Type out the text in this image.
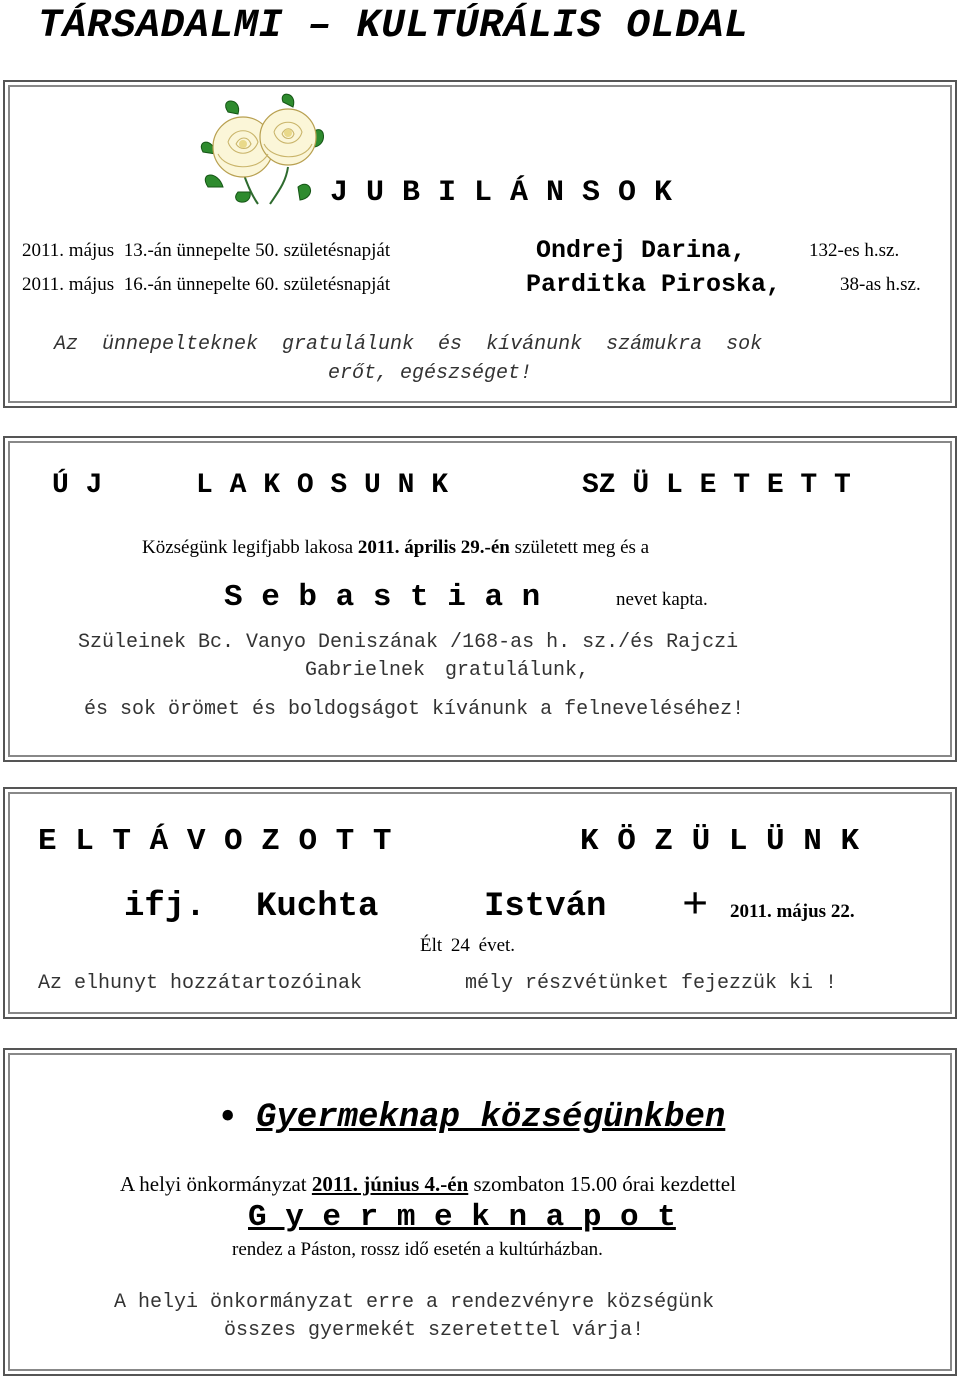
TÁRSADALMI – KULTÚRÁLIS OLDAL
J U B I L Á N S O K
2011. május 13.-án ünnepelte 50. születésnapját	Ondrej Darina,	132-es h.sz.
2011. május 16.-án ünnepelte 60. születésnapját	Parditka Piroska,	38-as h.sz.
Az ünnepelteknek gratulálunk és kívánunk számukra sok
erőt, egészséget!
Ú J	L A K O S U N K	SZ Ü L E T E T T
Községünk legifjabb lakosa 2011. április 29.-én született meg és a
S e b a s t i a n	nevet kapta.
Szüleinek Bc. Vanyo Deniszának /168-as h. sz./és Rajczi
Gabrielnek gratulálunk,
és sok örömet és boldogságot kívánunk a felneveléséhez!
E L T Á V O Z O T T	K Ö Z Ü L Ü N K
ifj. Kuchta	István + 2011. május 22.
Élt 24 évet.
Az elhunyt hozzátartozóinak	mély részvétünket fejezzük ki !
• Gyermeknap községünkben
A helyi önkormányzat 2011. június 4.-én szombaton 15.00 órai kezdettel
G y e r m e k n a p o t
rendez a Páston, rossz idő esetén a kultúrházban.
A helyi önkormányzat erre a rendezvényre községünk
összes gyermekét szeretettel várja!
